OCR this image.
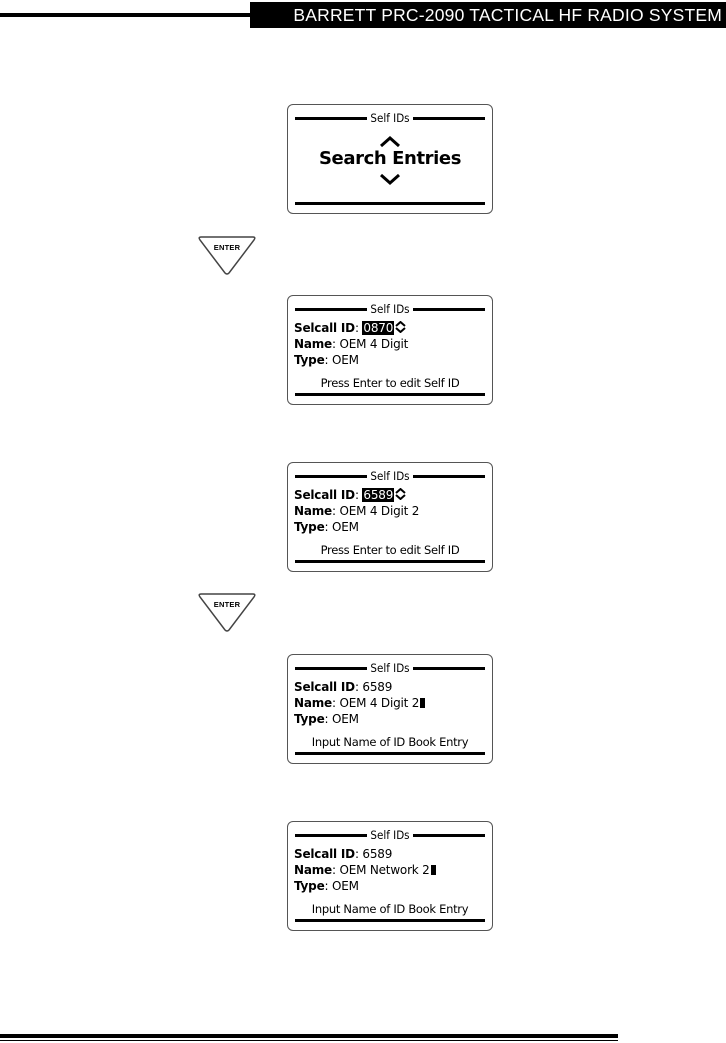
BARRETT PRC-2090 TACTICAL HF RADIO SYSTEM
Self IDs
Search Entries
ENTER
Self IDs
Selcall ID: 0870
Name: OEM 4 Digit
Type: OEM
Press Enter to edit Self ID
Self IDs
Selcall ID: 6589
Name: OEM 4 Digit 2
Type: OEM
Press Enter to edit Self ID
ENTER
Self IDs
Selcall ID: 6589
Name: OEM 4 Digit 2
Type: OEM
Input Name of ID Book Entry
Self IDs
Selcall ID: 6589
Name: OEM Network 2
Type: OEM
Input Name of ID Book Entry
